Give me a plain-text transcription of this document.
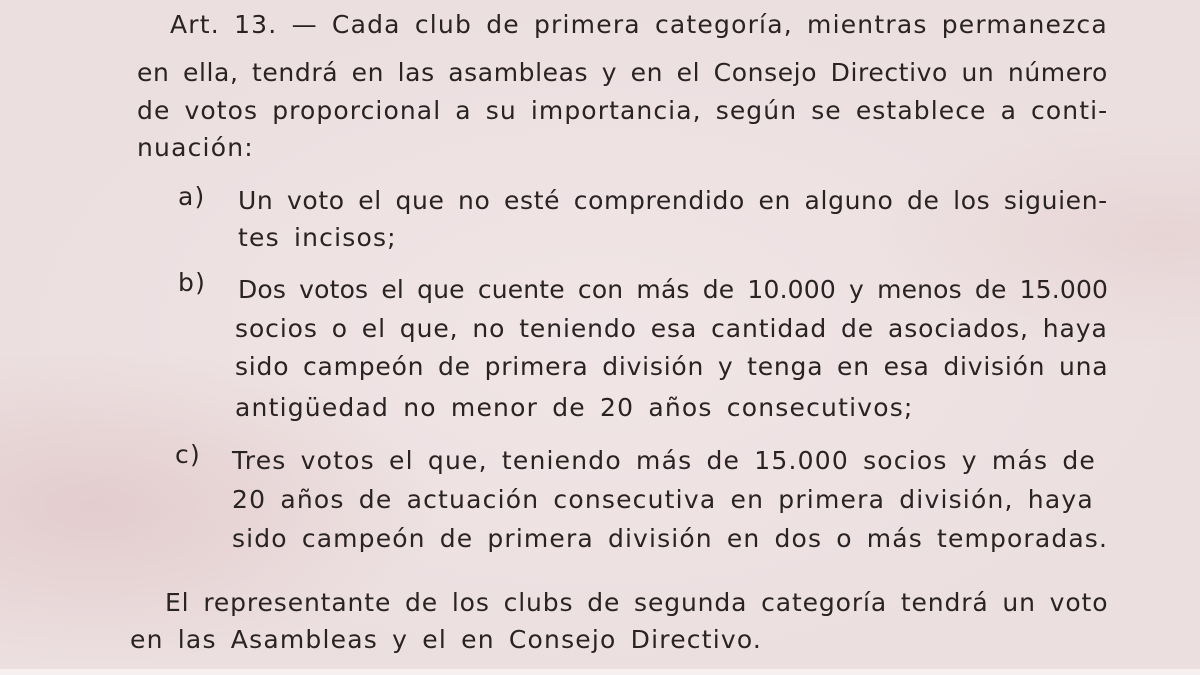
Art. 13. — Cada club de primera categoría, mientras permanezca
en ella, tendrá en las asambleas y en el Consejo Directivo un número
de votos proporcional a su importancia, según se establece a conti-
nuación:
a) Un voto el que no esté comprendido en alguno de los siguien-
tes incisos;
b) Dos votos el que cuente con más de 10.000 y menos de 15.000
socios o el que, no teniendo esa cantidad de asociados, haya
sido campeón de primera división y tenga en esa división una
antigüedad no menor de 20 años consecutivos;
c) Tres votos el que, teniendo más de 15.000 socios y más de
20 años de actuación consecutiva en primera división, haya
sido campeón de primera división en dos o más temporadas.
El representante de los clubs de segunda categoría tendrá un voto
en las Asambleas y el en Consejo Directivo.
